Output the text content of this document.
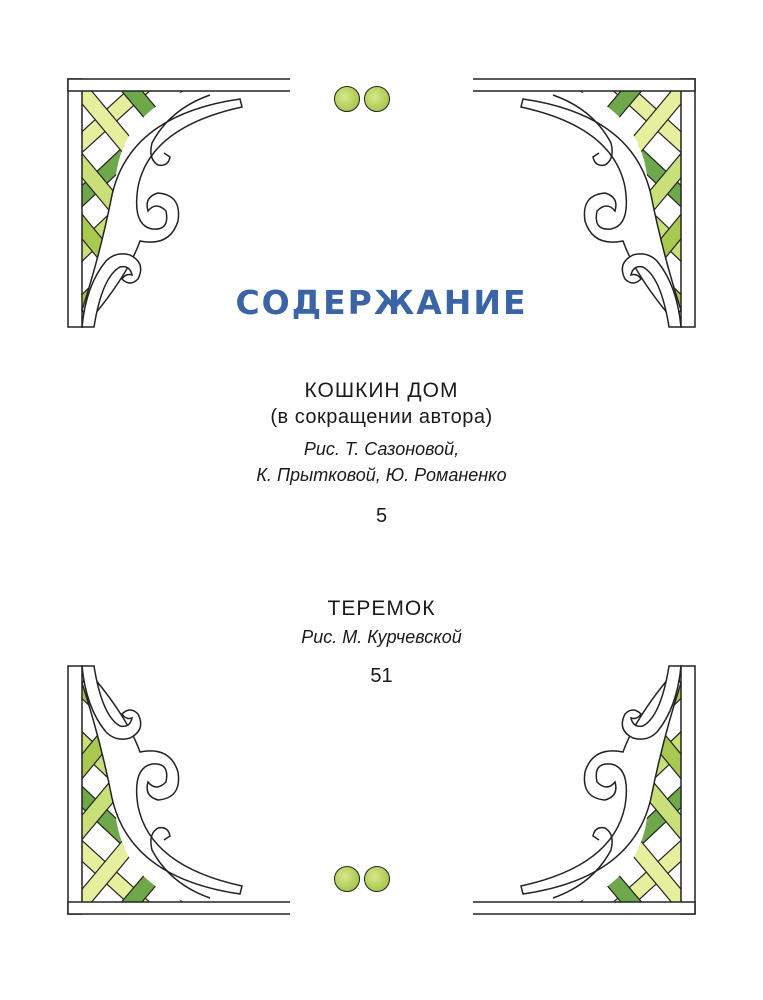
СОДЕРЖАНИЕ
КОШКИН ДОМ
(в сокращении автора)
Рис. Т. Сазоновой,
К. Прытковой, Ю. Романенко
5
ТЕРЕМОК
Рис. М. Курчевской
51
